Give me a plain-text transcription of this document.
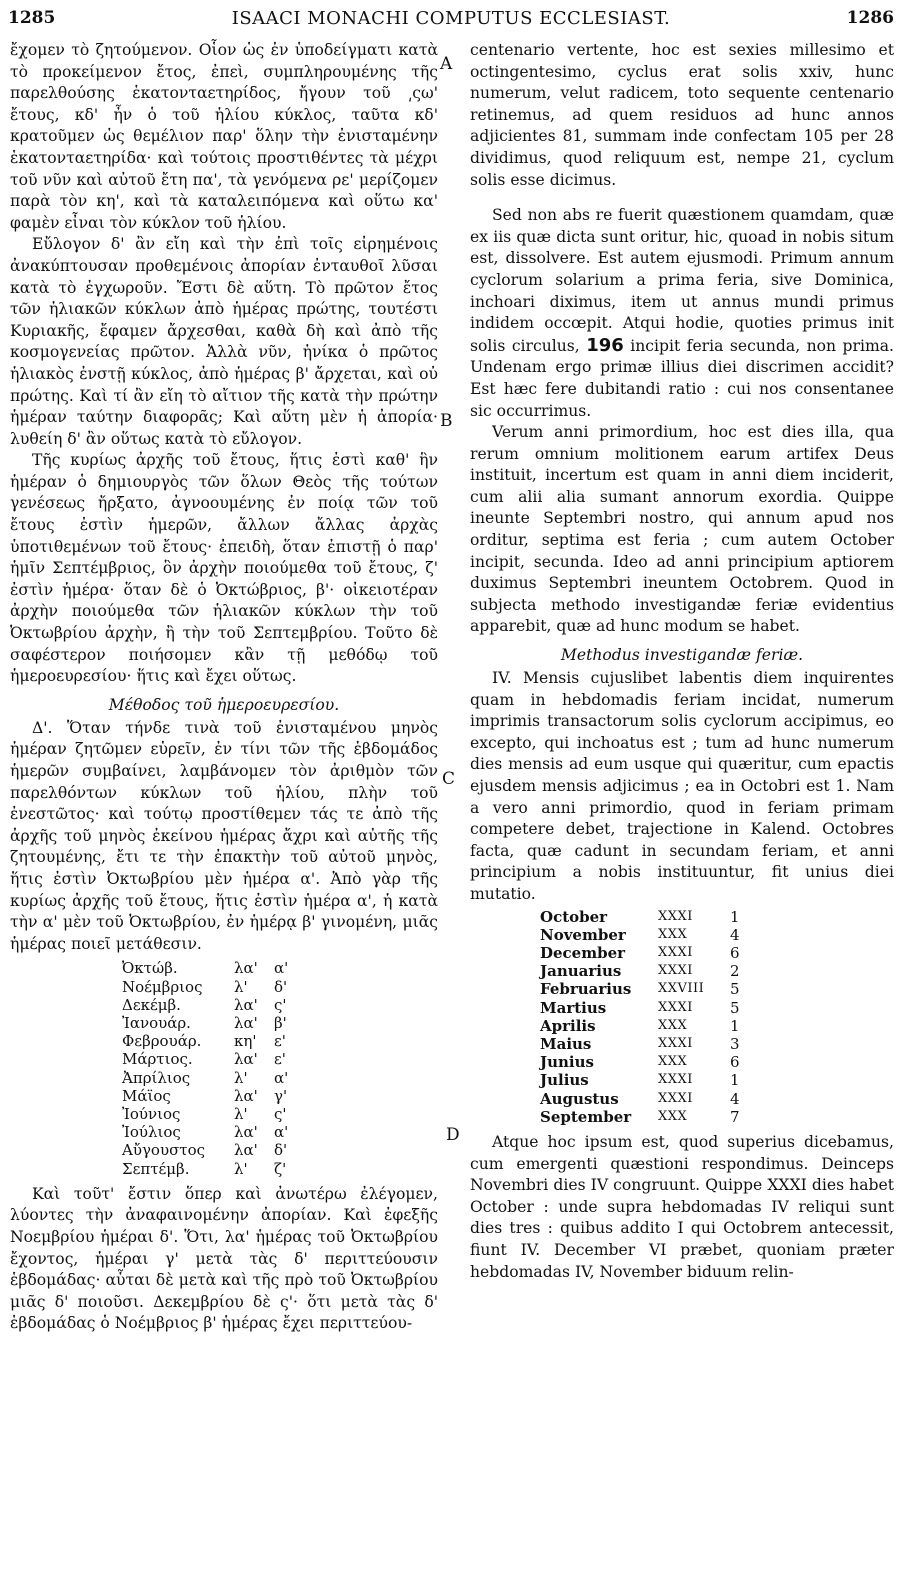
1285	ISAACI MONACHI COMPUTUS ECCLESIAST.	1286
A
B
C
D

ἔχομεν τὸ ζητούμενον. Οἷον ὡς ἐν ὑποδείγματι κατὰ τὸ προκείμενον ἔτος, ἐπεὶ, συμπληρουμένης τῆς παρελθούσης ἑκατονταετηρίδος, ἤγουν τοῦ ͵ςω' ἔτους, κδ' ἦν ὁ τοῦ ἡλίου κύκλος, ταῦτα κδ' κρατοῦμεν ὡς θεμέλιον παρ' ὅλην τὴν ἐνισταμένην ἑκατονταετηρίδα· καὶ τούτοις προστιθέντες τὰ μέχρι τοῦ νῦν καὶ αὐτοῦ ἔτη πα', τὰ γενόμενα ρε' μερίζομεν παρὰ τὸν κη', καὶ τὰ καταλειπόμενα καὶ οὕτω κα' φαμὲν εἶναι τὸν κύκλον τοῦ ἡλίου.

Εὔλογον δ' ἂν εἴη καὶ τὴν ἐπὶ τοῖς εἰρημένοις ἀνακύπτουσαν προθεμένοις ἀπορίαν ἐνταυθοῖ λῦσαι κατὰ τὸ ἐγχωροῦν. Ἔστι δὲ αὕτη. Τὸ πρῶτον ἔτος τῶν ἡλιακῶν κύκλων ἀπὸ ἡμέρας πρώτης, τουτέστι Κυριακῆς, ἔφαμεν ἄρχεσθαι, καθὰ δὴ καὶ ἀπὸ τῆς κοσμογενείας πρῶτον. Ἀλλὰ νῦν, ἡνίκα ὁ πρῶτος ἡλιακὸς ἐνστῇ κύκλος, ἀπὸ ἡμέρας β' ἄρχεται, καὶ οὐ πρώτης. Καὶ τί ἂν εἴη τὸ αἴτιον τῆς κατὰ τὴν πρώτην ἡμέραν ταύτην διαφορᾶς; Καὶ αὕτη μὲν ἡ ἀπορία· λυθείη δ' ἂν οὕτως κατὰ τὸ εὔλογον.

Τῆς κυρίως ἀρχῆς τοῦ ἔτους, ἥτις ἐστὶ καθ' ἣν ἡμέραν ὁ δημιουργὸς τῶν ὅλων Θεὸς τῆς τούτων γενέσεως ἤρξατο, ἀγνοουμένης ἐν ποίᾳ τῶν τοῦ ἔτους ἐστὶν ἡμερῶν, ἄλλων ἄλλας ἀρχὰς ὑποτιθεμένων τοῦ ἔτους· ἐπειδὴ, ὅταν ἐπιστῇ ὁ παρ' ἡμῖν Σεπτέμβριος, ὃν ἀρχὴν ποιούμεθα τοῦ ἔτους, ζ' ἐστὶν ἡμέρα· ὅταν δὲ ὁ Ὀκτώβριος, β'· οἰκειοτέραν ἀρχὴν ποιούμεθα τῶν ἡλιακῶν κύκλων τὴν τοῦ Ὀκτωβρίου ἀρχὴν, ἢ τὴν τοῦ Σεπτεμβρίου. Τοῦτο δὲ σαφέστερον ποιήσομεν κἂν τῇ μεθόδῳ τοῦ ἡμεροευρεσίου· ἥτις καὶ ἔχει οὕτως.

Μέθοδος τοῦ ἡμεροευρεσίου.

Δ'. Ὅταν τήνδε τινὰ τοῦ ἐνισταμένου μηνὸς ἡμέραν ζητῶμεν εὑρεῖν, ἐν τίνι τῶν τῆς ἑβδομάδος ἡμερῶν συμβαίνει, λαμβάνομεν τὸν ἀριθμὸν τῶν παρελθόντων κύκλων τοῦ ἡλίου, πλὴν τοῦ ἐνεστῶτος· καὶ τούτῳ προστίθεμεν τάς τε ἀπὸ τῆς ἀρχῆς τοῦ μηνὸς ἐκείνου ἡμέρας ἄχρι καὶ αὐτῆς τῆς ζητουμένης, ἔτι τε τὴν ἐπακτὴν τοῦ αὐτοῦ μηνὸς, ἥτις ἐστὶν Ὀκτωβρίου μὲν ἡμέρα α'. Ἀπὸ γὰρ τῆς κυρίως ἀρχῆς τοῦ ἔτους, ἥτις ἐστὶν ἡμέρα α', ἡ κατὰ τὴν α' μὲν τοῦ Ὀκτωβρίου, ἐν ἡμέρᾳ β' γινομένη, μιᾶς ἡμέρας ποιεῖ μετάθεσιν.

Ὀκτώβ.	λα'	α'
Νοέμβριος	λ'	δ'
Δεκέμβ.	λα'	ς'
Ἰανουάρ.	λα'	β'
Φεβρουάρ.	κη'	ε'
Μάρτιος.	λα'	ε'
Ἀπρίλιος	λ'	α'
Μάϊος	λα'	γ'
Ἰούνιος	λ'	ς'
Ἰούλιος	λα'	α'
Αὔγουστος	λα'	δ'
Σεπτέμβ.	λ'	ζ'

Καὶ τοῦτ' ἔστιν ὅπερ καὶ ἀνωτέρω ἐλέγομεν, λύοντες τὴν ἀναφαινομένην ἀπορίαν. Καὶ ἐφεξῆς Νοεμβρίου ἡμέραι δ'. Ὅτι, λα' ἡμέρας τοῦ Ὀκτωβρίου ἔχοντος, ἡμέραι γ' μετὰ τὰς δ' περιττεύουσιν ἑβδομάδας· αὗται δὲ μετὰ καὶ τῆς πρὸ τοῦ Ὀκτωβρίου μιᾶς δ' ποιοῦσι. Δεκεμβρίου δὲ ς'· ὅτι μετὰ τὰς δ' ἑβδομάδας ὁ Νοέμβριος β' ἡμέρας ἔχει περιττεύου-

centenario vertente, hoc est sexies millesimo et octingentesimo, cyclus erat solis xxiv, hunc numerum, velut radicem, toto sequente centenario retinemus, ad quem residuos ad hunc annos adjicientes 81, summam inde confectam 105 per 28 dividimus, quod reliquum est, nempe 21, cyclum solis esse dicimus.

Sed non abs re fuerit quæstionem quamdam, quæ ex iis quæ dicta sunt oritur, hic, quoad in nobis situm est, dissolvere. Est autem ejusmodi. Primum annum cyclorum solarium a prima feria, sive Dominica, inchoari diximus, item ut annus mundi primus indidem occœpit. Atqui hodie, quoties primus init solis circulus, 196 incipit feria secunda, non prima. Undenam ergo primæ illius diei discrimen accidit? Est hæc fere dubitandi ratio : cui nos consentanee sic occurrimus.

Verum anni primordium, hoc est dies illa, qua rerum omnium molitionem earum artifex Deus instituit, incertum est quam in anni diem inciderit, cum alii alia sumant annorum exordia. Quippe ineunte Septembri nostro, qui annum apud nos orditur, septima est feria ; cum autem October incipit, secunda. Ideo ad anni principium aptiorem duximus Septembri ineuntem Octobrem. Quod in subjecta methodo investigandæ feriæ evidentius apparebit, quæ ad hunc modum se habet.

Methodus investigandæ feriæ.

IV. Mensis cujuslibet labentis diem inquirentes quam in hebdomadis feriam incidat, numerum imprimis transactorum solis cyclorum accipimus, eo excepto, qui inchoatus est ; tum ad hunc numerum dies mensis ad eum usque qui quæritur, cum epactis ejusdem mensis adjicimus ; ea in Octobri est 1. Nam a vero anni primordio, quod in feriam primam competere debet, trajectione in Kalend. Octobres facta, quæ cadunt in secundam feriam, et anni principium a nobis instituuntur, fit unius diei mutatio.

October	XXXI	1
November	XXX	4
December	XXXI	6
Januarius	XXXI	2
Februarius	XXVIII	5
Martius	XXXI	5
Aprilis	XXX	1
Maius	XXXI	3
Junius	XXX	6
Julius	XXXI	1
Augustus	XXXI	4
September	XXX	7

Atque hoc ipsum est, quod superius dicebamus, cum emergenti quæstioni respondimus. Deinceps Novembri dies IV congruunt. Quippe XXXI dies habet October : unde supra hebdomadas IV reliqui sunt dies tres : quibus addito I qui Octobrem antecessit, fiunt IV. December VI præbet, quoniam præter hebdomadas IV, November biduum relin-
